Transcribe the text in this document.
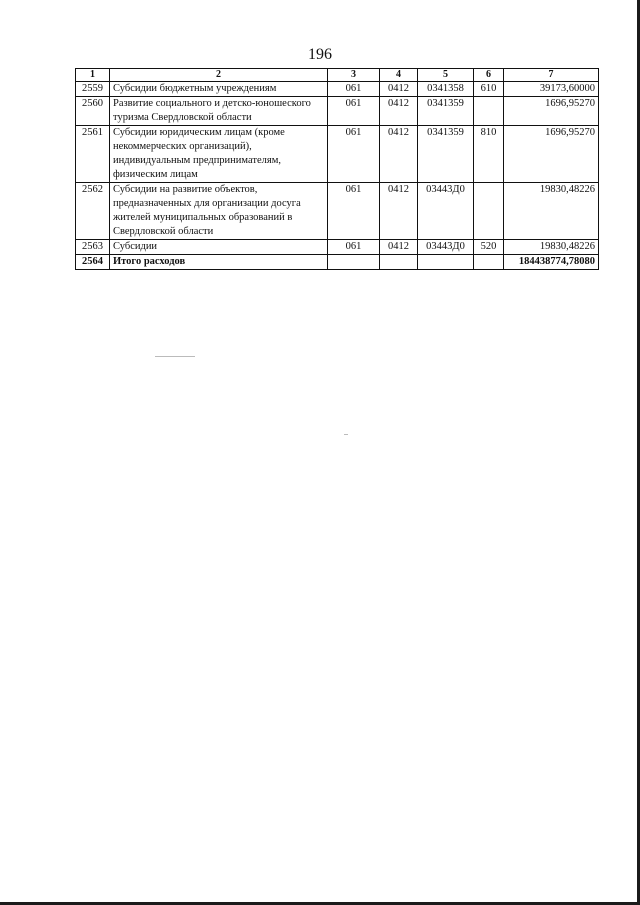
196
1	2	3	4	5	6	7
2559	Субсидии бюджетным учреждениям	061	0412	0341358	610	39173,60000
2560	Развитие социального и детско-юношеского туризма Свердловской области	061	0412	0341359		1696,95270
2561	Субсидии юридическим лицам (кроме некоммерческих организаций), индивидуальным предпринимателям, физическим лицам	061	0412	0341359	810	1696,95270
2562	Субсидии на развитие объектов, предназначенных для организации досуга жителей муниципальных образований в Свердловской области	061	0412	03443Д0		19830,48226
2563	Субсидии	061	0412	03443Д0	520	19830,48226
2564	Итого расходов					184438774,78080
